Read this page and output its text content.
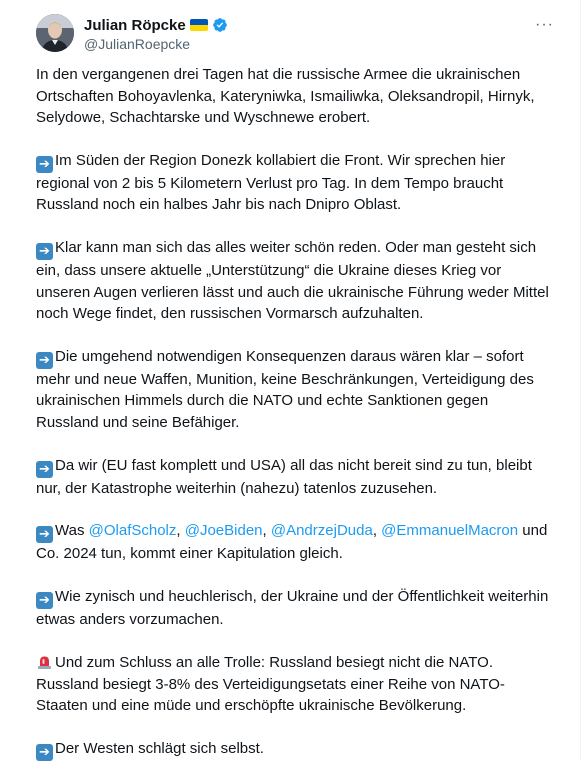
Julian Röpcke
@JulianRoepcke
···

In den vergangenen drei Tagen hat die russische Armee die ukrainischen Ortschaften Bohoyavlenka, Kateryniwka, Ismailiwka, Oleksandropil, Hirnyk, Selydowe, Schachtarske und Wyschnewe erobert.

➔ Im Süden der Region Donezk kollabiert die Front. Wir sprechen hier regional von 2 bis 5 Kilometern Verlust pro Tag. In dem Tempo braucht Russland noch ein halbes Jahr bis nach Dnipro Oblast.

➔ Klar kann man sich das alles weiter schön reden. Oder man gesteht sich ein, dass unsere aktuelle „Unterstützung“ die Ukraine dieses Krieg vor unseren Augen verlieren lässt und auch die ukrainische Führung weder Mittel noch Wege findet, den russischen Vormarsch aufzuhalten.

➔ Die umgehend notwendigen Konsequenzen daraus wären klar – sofort mehr und neue Waffen, Munition, keine Beschränkungen, Verteidigung des ukrainischen Himmels durch die NATO und echte Sanktionen gegen Russland und seine Befähiger.

➔ Da wir (EU fast komplett und USA) all das nicht bereit sind zu tun, bleibt nur, der Katastrophe weiterhin (nahezu) tatenlos zuzusehen.

➔ Was @OlafScholz, @JoeBiden, @AndrzejDuda, @EmmanuelMacron und Co. 2024 tun, kommt einer Kapitulation gleich.

➔ Wie zynisch und heuchlerisch, der Ukraine und der Öffentlichkeit weiterhin etwas anders vorzumachen.

Und zum Schluss an alle Trolle: Russland besiegt nicht die NATO. Russland besiegt 3-8% des Verteidigungsetats einer Reihe von NATO-Staaten und eine müde und erschöpfte ukrainische Bevölkerung.

➔ Der Westen schlägt sich selbst.
